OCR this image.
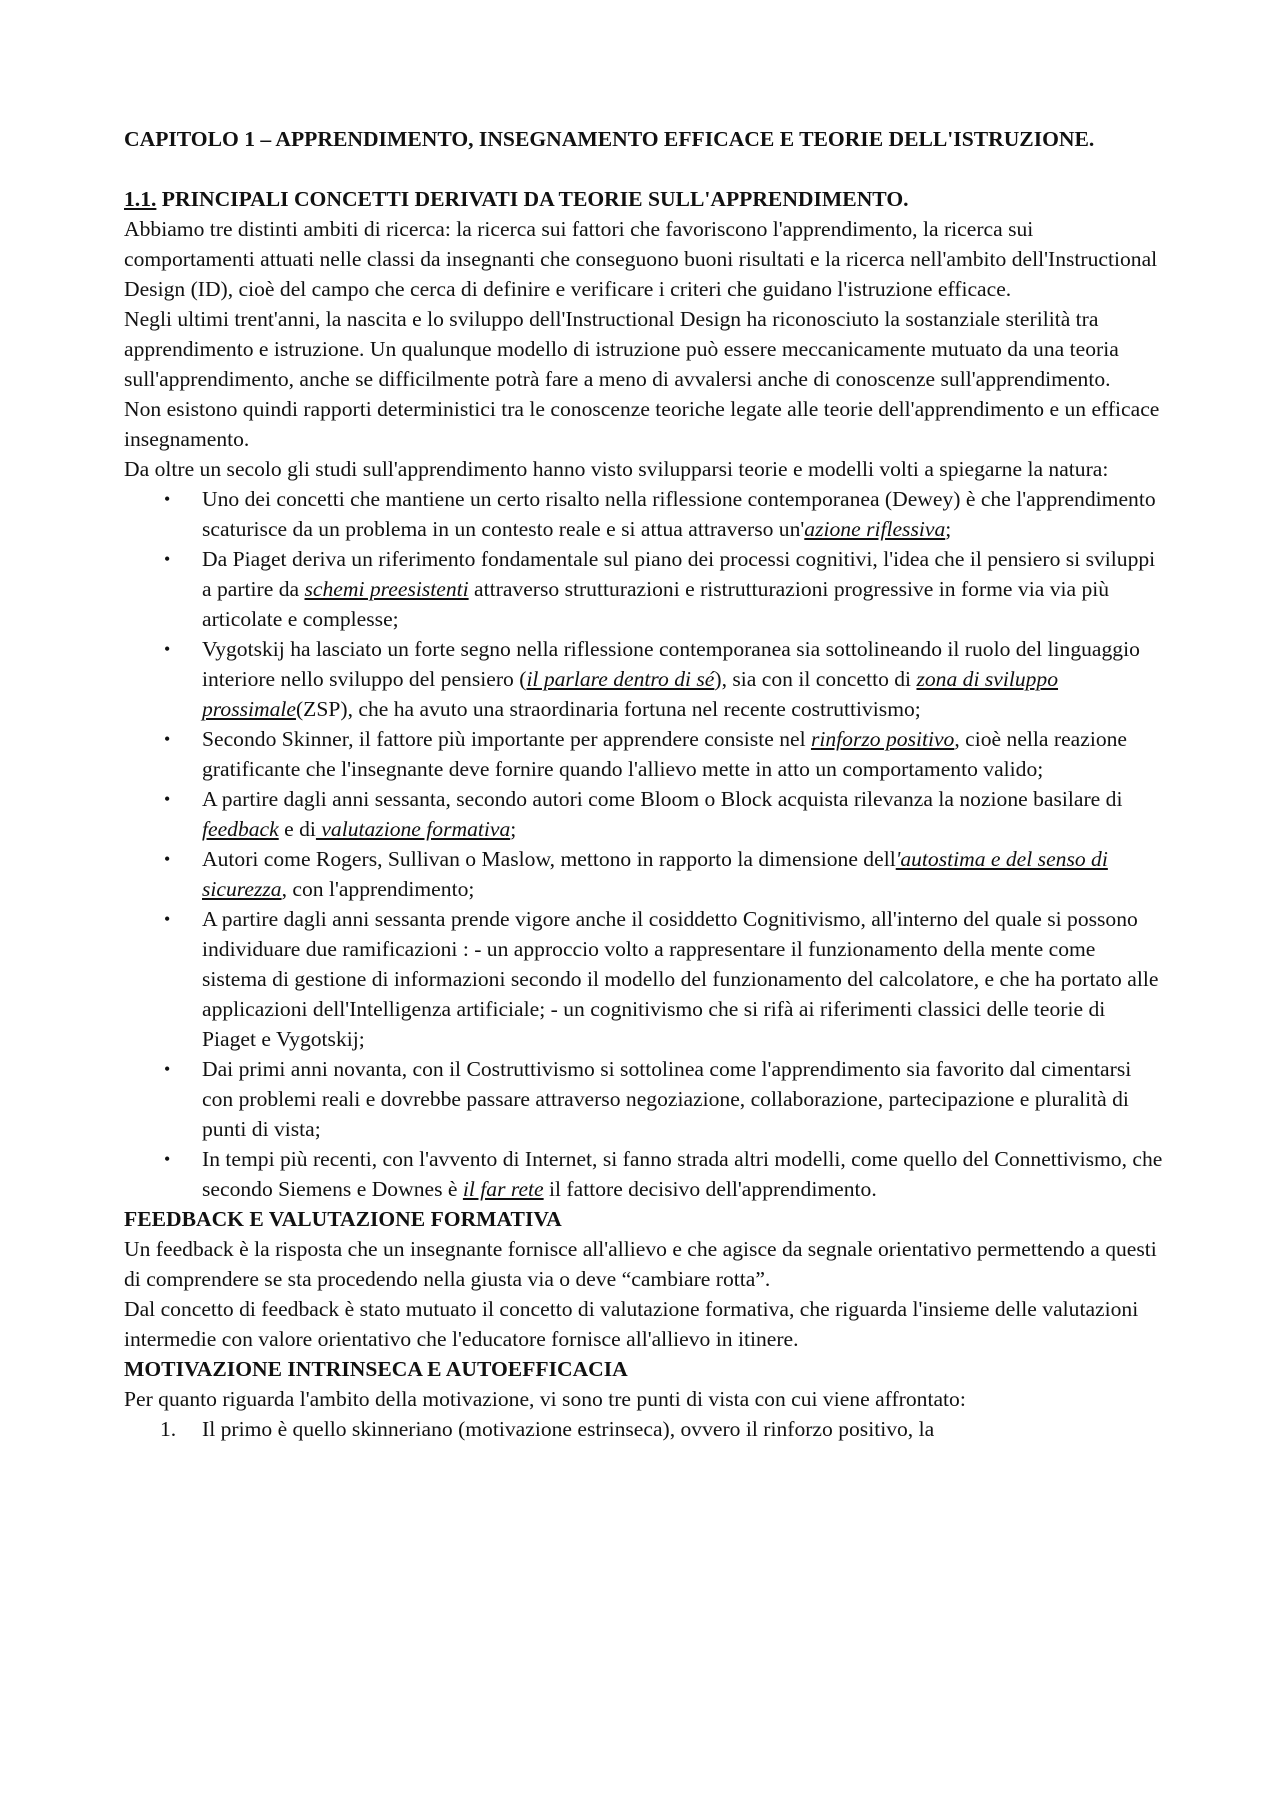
CAPITOLO 1 – APPRENDIMENTO, INSEGNAMENTO EFFICACE E TEORIE DELL'ISTRUZIONE.

1.1. PRINCIPALI CONCETTI DERIVATI DA TEORIE SULL'APPRENDIMENTO.

Abbiamo tre distinti ambiti di ricerca: la ricerca sui fattori che favoriscono l'apprendimento, la ricerca sui comportamenti attuati nelle classi da insegnanti che conseguono buoni risultati e la ricerca nell'ambito dell'Instructional Design (ID), cioè del campo che cerca di definire e verificare i criteri che guidano l'istruzione efficace.

Negli ultimi trent'anni, la nascita e lo sviluppo dell'Instructional Design ha riconosciuto la sostanziale sterilità tra apprendimento e istruzione. Un qualunque modello di istruzione può essere meccanicamente mutuato da una teoria sull'apprendimento, anche se difficilmente potrà fare a meno di avvalersi anche di conoscenze sull'apprendimento.

Non esistono quindi rapporti deterministici tra le conoscenze teoriche legate alle teorie dell'apprendimento e un efficace insegnamento.

Da oltre un secolo gli studi sull'apprendimento hanno visto svilupparsi teorie e modelli volti a spiegarne la natura:

• Uno dei concetti che mantiene un certo risalto nella riflessione contemporanea (Dewey) è che l'apprendimento scaturisce da un problema in un contesto reale e si attua attraverso un'azione riflessiva;
• Da Piaget deriva un riferimento fondamentale sul piano dei processi cognitivi, l'idea che il pensiero si sviluppi a partire da schemi preesistenti attraverso strutturazioni e ristrutturazioni progressive in forme via via più articolate e complesse;
• Vygotskij ha lasciato un forte segno nella riflessione contemporanea sia sottolineando il ruolo del linguaggio interiore nello sviluppo del pensiero (il parlare dentro di sé), sia con il concetto di zona di sviluppo prossimale(ZSP), che ha avuto una straordinaria fortuna nel recente costruttivismo;
• Secondo Skinner, il fattore più importante per apprendere consiste nel rinforzo positivo, cioè nella reazione gratificante che l'insegnante deve fornire quando l'allievo mette in atto un comportamento valido;
• A partire dagli anni sessanta, secondo autori come Bloom o Block acquista rilevanza la nozione basilare di feedback e di valutazione formativa;
• Autori come Rogers, Sullivan o Maslow, mettono in rapporto la dimensione dell'autostima e del senso di sicurezza, con l'apprendimento;
• A partire dagli anni sessanta prende vigore anche il cosiddetto Cognitivismo, all'interno del quale si possono individuare due ramificazioni : - un approccio volto a rappresentare il funzionamento della mente come sistema di gestione di informazioni secondo il modello del funzionamento del calcolatore, e che ha portato alle applicazioni dell'Intelligenza artificiale; - un cognitivismo che si rifà ai riferimenti classici delle teorie di Piaget e Vygotskij;
• Dai primi anni novanta, con il Costruttivismo si sottolinea come l'apprendimento sia favorito dal cimentarsi con problemi reali e dovrebbe passare attraverso negoziazione, collaborazione, partecipazione e pluralità di punti di vista;
• In tempi più recenti, con l'avvento di Internet, si fanno strada altri modelli, come quello del Connettivismo, che secondo Siemens e Downes è il far rete il fattore decisivo dell'apprendimento.

FEEDBACK E VALUTAZIONE FORMATIVA

Un feedback è la risposta che un insegnante fornisce all'allievo e che agisce da segnale orientativo permettendo a questi di comprendere se sta procedendo nella giusta via o deve “cambiare rotta”.

Dal concetto di feedback è stato mutuato il concetto di valutazione formativa, che riguarda l'insieme delle valutazioni intermedie con valore orientativo che l'educatore fornisce all'allievo in itinere.

MOTIVAZIONE INTRINSECA E AUTOEFFICACIA

Per quanto riguarda l'ambito della motivazione, vi sono tre punti di vista con cui viene affrontato:

1. Il primo è quello skinneriano (motivazione estrinseca), ovvero il rinforzo positivo, la
